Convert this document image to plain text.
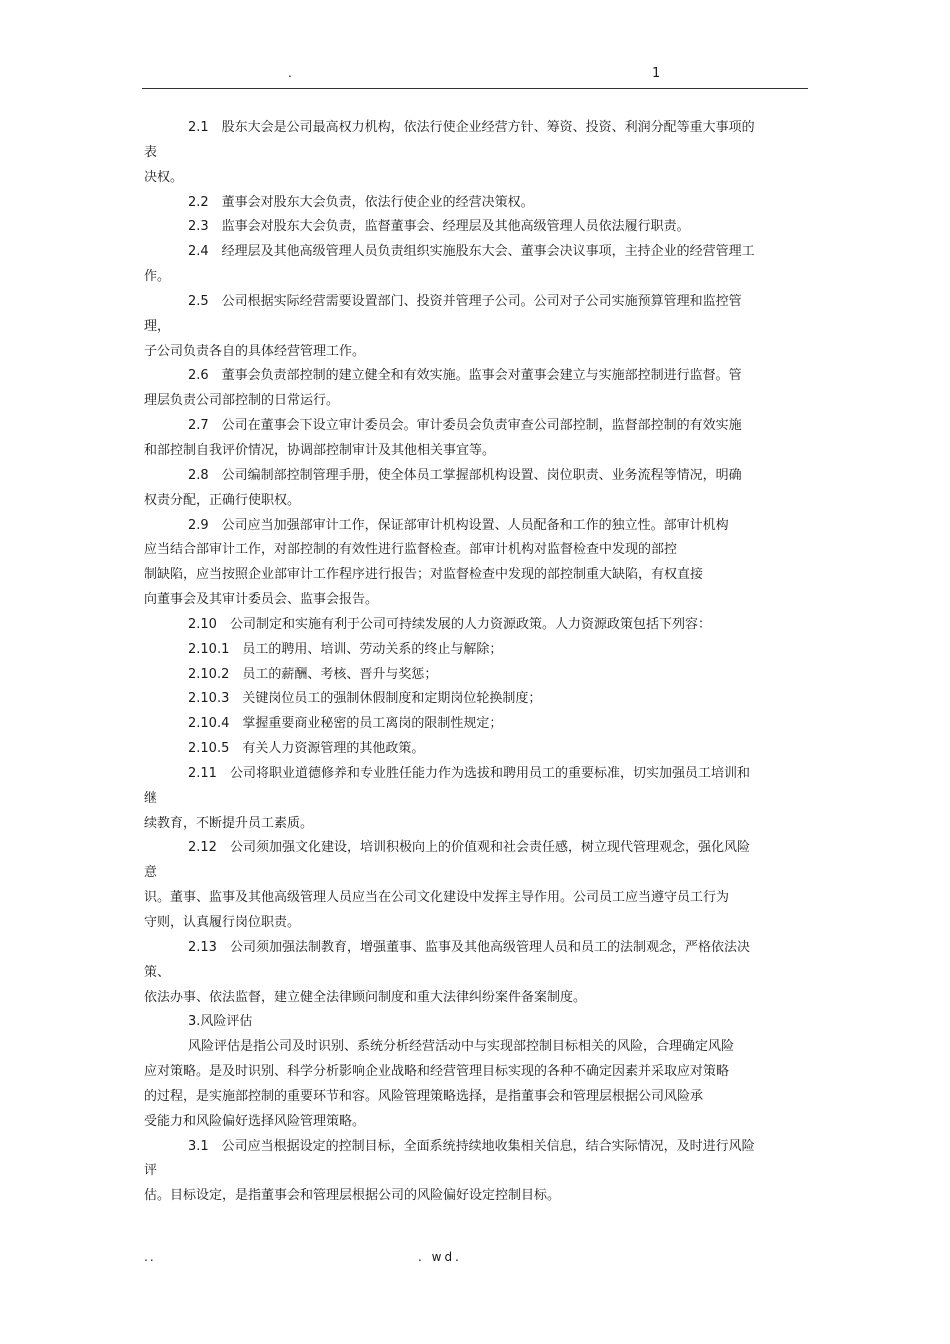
.	1
2.1　股东大会是公司最高权力机构，依法行使企业经营方针、筹资、投资、利润分配等重大事项的
表
决权。
2.2　董事会对股东大会负责，依法行使企业的经营决策权。
2.3　监事会对股东大会负责，监督董事会、经理层及其他高级管理人员依法履行职责。
2.4　经理层及其他高级管理人员负责组织实施股东大会、董事会决议事项，主持企业的经营管理工
作。
2.5　公司根据实际经营需要设置部门、投资并管理子公司。公司对子公司实施预算管理和监控管
理，
子公司负责各自的具体经营管理工作。
2.6　董事会负责部控制的建立健全和有效实施。监事会对董事会建立与实施部控制进行监督。管
理层负责公司部控制的日常运行。
2.7　公司在董事会下设立审计委员会。审计委员会负责审查公司部控制，监督部控制的有效实施
和部控制自我评价情况，协调部控制审计及其他相关事宜等。
2.8　公司编制部控制管理手册，使全体员工掌握部机构设置、岗位职责、业务流程等情况，明确
权责分配，正确行使职权。
2.9　公司应当加强部审计工作，保证部审计机构设置、人员配备和工作的独立性。部审计机构
应当结合部审计工作，对部控制的有效性进行监督检查。部审计机构对监督检查中发现的部控
制缺陷，应当按照企业部审计工作程序进行报告；对监督检查中发现的部控制重大缺陷，有权直接
向董事会及其审计委员会、监事会报告。
2.10　公司制定和实施有利于公司可持续发展的人力资源政策。人力资源政策包括下列容：
2.10.1　员工的聘用、培训、劳动关系的终止与解除；
2.10.2　员工的薪酬、考核、晋升与奖惩；
2.10.3　关键岗位员工的强制休假制度和定期岗位轮换制度；
2.10.4　掌握重要商业秘密的员工离岗的限制性规定；
2.10.5　有关人力资源管理的其他政策。
2.11　公司将职业道德修养和专业胜任能力作为选拔和聘用员工的重要标准，切实加强员工培训和
继
续教育，不断提升员工素质。
2.12　公司须加强文化建设，培训积极向上的价值观和社会责任感，树立现代管理观念，强化风险
意
识。董事、监事及其他高级管理人员应当在公司文化建设中发挥主导作用。公司员工应当遵守员工行为
守则，认真履行岗位职责。
2.13　公司须加强法制教育，增强董事、监事及其他高级管理人员和员工的法制观念，严格依法决
策、
依法办事、依法监督，建立健全法律顾问制度和重大法律纠纷案件备案制度。
3.风险评估
风险评估是指公司及时识别、系统分析经营活动中与实现部控制目标相关的风险，合理确定风险
应对策略。是及时识别、科学分析影响企业战略和经营管理目标实现的各种不确定因素并采取应对策略
的过程，是实施部控制的重要环节和容。风险管理策略选择，是指董事会和管理层根据公司风险承
受能力和风险偏好选择风险管理策略。
3.1　公司应当根据设定的控制目标，全面系统持续地收集相关信息，结合实际情况，及时进行风险
评
估。目标设定，是指董事会和管理层根据公司的风险偏好设定控制目标。
..	. wd.
